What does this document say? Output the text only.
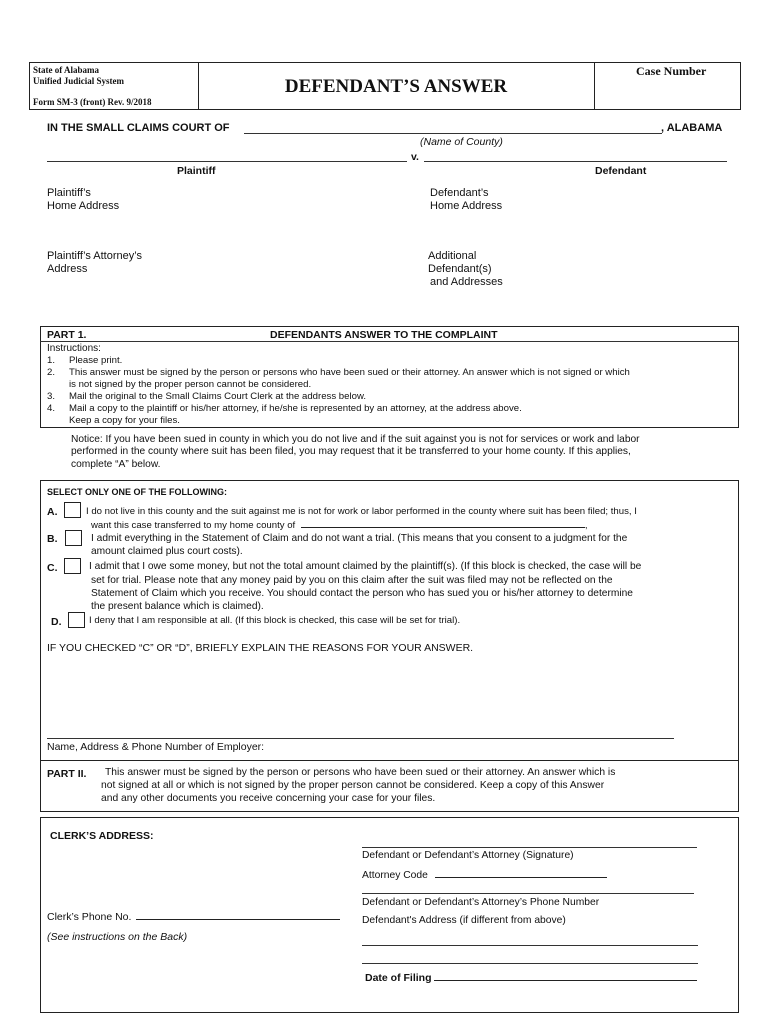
State of Alabama
Unified Judicial System
Form SM-3 (front) Rev. 9/2018
DEFENDANT’S ANSWER
Case Number
IN THE SMALL CLAIMS COURT OF	, ALABAMA
(Name of County)
v.
Plaintiff	Defendant
Plaintiff’s
Home Address
Defendant’s
Home Address
Plaintiff’s Attorney’s
Address
Additional
Defendant(s)
and Addresses
PART 1.	DEFENDANTS ANSWER TO THE COMPLAINT
Instructions:
1. Please print.
2. This answer must be signed by the person or persons who have been sued or their attorney. An answer which is not signed or which
is not signed by the proper person cannot be considered.
3. Mail the original to the Small Claims Court Clerk at the address below.
4. Mail a copy to the plaintiff or his/her attorney, if he/she is represented by an attorney, at the address above.
Keep a copy for your files.
Notice: If you have been sued in county in which you do not live and if the suit against you is not for services or work and labor
performed in the county where suit has been filed, you may request that it be transferred to your home county. If this applies,
complete “A” below.
SELECT ONLY ONE OF THE FOLLOWING:
A.	I do not live in this county and the suit against me is not for work or labor performed in the county where suit has been filed; thus, I
want this case transferred to my home county of	,
B.	I admit everything in the Statement of Claim and do not want a trial. (This means that you consent to a judgment for the
amount claimed plus court costs).
C.	I admit that I owe some money, but not the total amount claimed by the plaintiff(s). (If this block is checked, the case will be
set for trial. Please note that any money paid by you on this claim after the suit was filed may not be reflected on the
Statement of Claim which you receive. You should contact the person who has sued you or his/her attorney to determine
the present balance which is claimed).
D.	I deny that I am responsible at all. (If this block is checked, this case will be set for trial).
IF YOU CHECKED “C” OR “D”, BRIEFLY EXPLAIN THE REASONS FOR YOUR ANSWER.
Name, Address & Phone Number of Employer:
PART II. This answer must be signed by the person or persons who have been sued or their attorney. An answer which is
not signed at all or which is not signed by the proper person cannot be considered. Keep a copy of this Answer
and any other documents you receive concerning your case for your files.
CLERK’S ADDRESS:
Clerk’s Phone No.
(See instructions on the Back)
Defendant or Defendant’s Attorney (Signature)
Attorney Code
Defendant or Defendant’s Attorney’s Phone Number
Defendant's Address (if different from above)
Date of Filing
